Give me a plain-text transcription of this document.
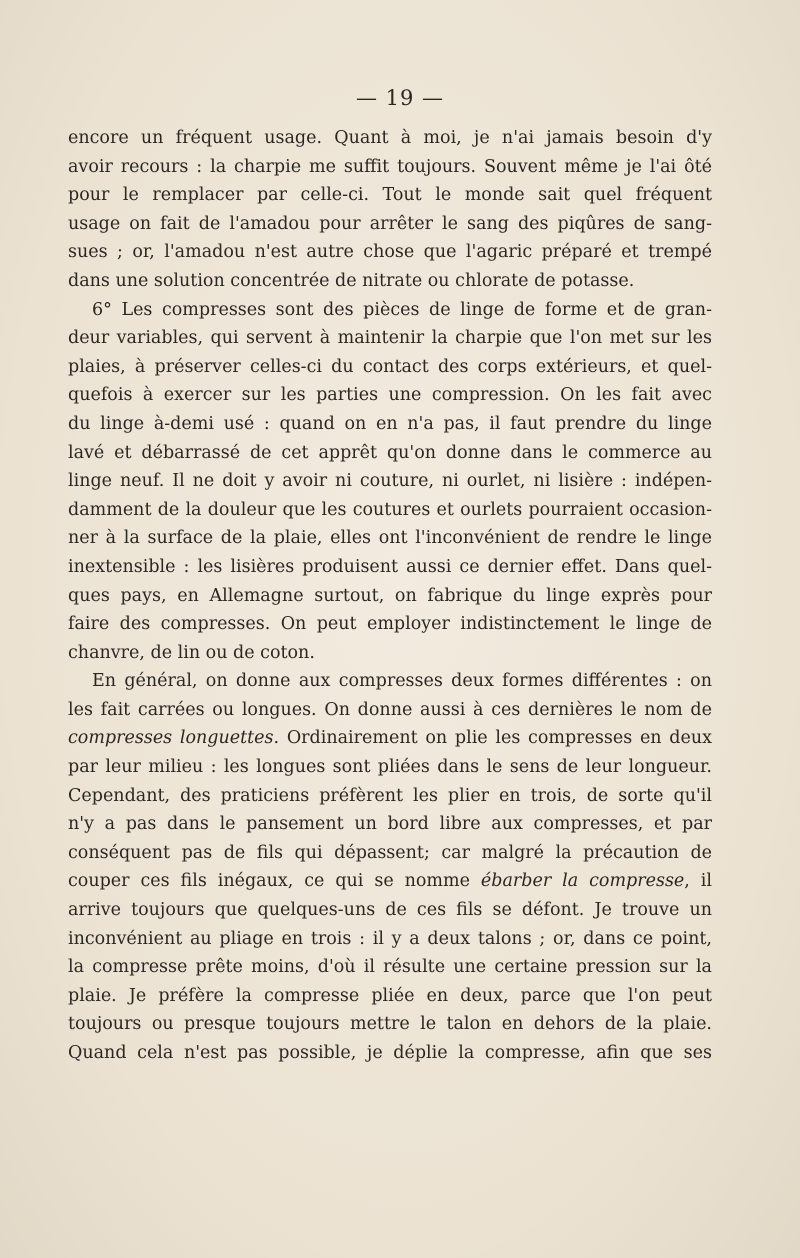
— 19 —
encore un fréquent usage. Quant à moi, je n'ai jamais besoin d'y
avoir recours : la charpie me suffit toujours. Souvent même je l'ai ôté
pour le remplacer par celle-ci. Tout le monde sait quel fréquent
usage on fait de l'amadou pour arrêter le sang des piqûres de sang-
sues ; or, l'amadou n'est autre chose que l'agaric préparé et trempé
dans une solution concentrée de nitrate ou chlorate de potasse.
6° Les compresses sont des pièces de linge de forme et de gran-
deur variables, qui servent à maintenir la charpie que l'on met sur les
plaies, à préserver celles-ci du contact des corps extérieurs, et quel-
quefois à exercer sur les parties une compression. On les fait avec
du linge à-demi usé : quand on en n'a pas, il faut prendre du linge
lavé et débarrassé de cet apprêt qu'on donne dans le commerce au
linge neuf. Il ne doit y avoir ni couture, ni ourlet, ni lisière : indépen-
damment de la douleur que les coutures et ourlets pourraient occasion-
ner à la surface de la plaie, elles ont l'inconvénient de rendre le linge
inextensible : les lisières produisent aussi ce dernier effet. Dans quel-
ques pays, en Allemagne surtout, on fabrique du linge exprès pour
faire des compresses. On peut employer indistinctement le linge de
chanvre, de lin ou de coton.
En général, on donne aux compresses deux formes différentes : on
les fait carrées ou longues. On donne aussi à ces dernières le nom de
compresses longuettes. Ordinairement on plie les compresses en deux
par leur milieu : les longues sont pliées dans le sens de leur longueur.
Cependant, des praticiens préfèrent les plier en trois, de sorte qu'il
n'y a pas dans le pansement un bord libre aux compresses, et par
conséquent pas de fils qui dépassent; car malgré la précaution de
couper ces fils inégaux, ce qui se nomme ébarber la compresse, il
arrive toujours que quelques-uns de ces fils se défont. Je trouve un
inconvénient au pliage en trois : il y a deux talons ; or, dans ce point,
la compresse prête moins, d'où il résulte une certaine pression sur la
plaie. Je préfère la compresse pliée en deux, parce que l'on peut
toujours ou presque toujours mettre le talon en dehors de la plaie.
Quand cela n'est pas possible, je déplie la compresse, afin que ses
